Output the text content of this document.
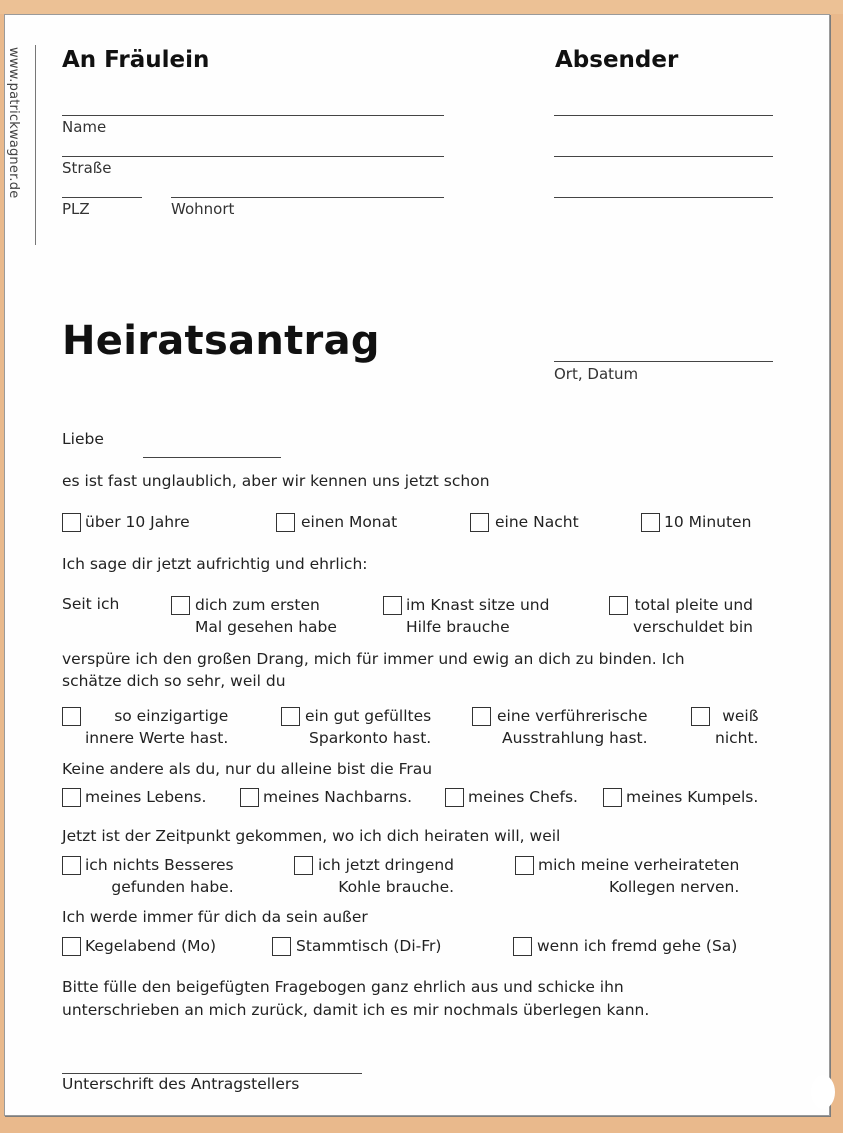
www.patrickwagner.de An Fräulein
Name
Straße
PLZ	Wohnort
Absender
Heiratsantrag
Ort, Datum
Liebe
es ist fast unglaublich, aber wir kennen uns jetzt schon
über 10 Jahre	einen Monat	eine Nacht	10 Minuten
Ich sage dir jetzt aufrichtig und ehrlich:
Seit ich	dich zum ersten
Mal gesehen habe
im Knast sitze und
Hilfe brauche
total pleite und
verschuldet bin
verspüre ich den großen Drang, mich für immer und ewig an dich zu binden. Ich
schätze dich so sehr, weil du
so einzigartige
innere Werte hast.
ein gut gefülltes
Sparkonto hast.
eine verführerische
Ausstrahlung hast.
weiß
nicht.
Keine andere als du, nur du alleine bist die Frau
meines Lebens.	meines Nachbarns.	meines Chefs.	meines Kumpels.
Jetzt ist der Zeitpunkt gekommen, wo ich dich heiraten will, weil
ich nichts Besseres
gefunden habe.
ich jetzt dringend
Kohle brauche.
mich meine verheirateten
Kollegen nerven.
Ich werde immer für dich da sein außer
Kegelabend (Mo)	Stammtisch (Di-Fr)	wenn ich fremd gehe (Sa)
Bitte fülle den beigefügten Fragebogen ganz ehrlich aus und schicke ihn
unterschrieben an mich zurück, damit ich es mir nochmals überlegen kann.
Unterschrift des Antragstellers
